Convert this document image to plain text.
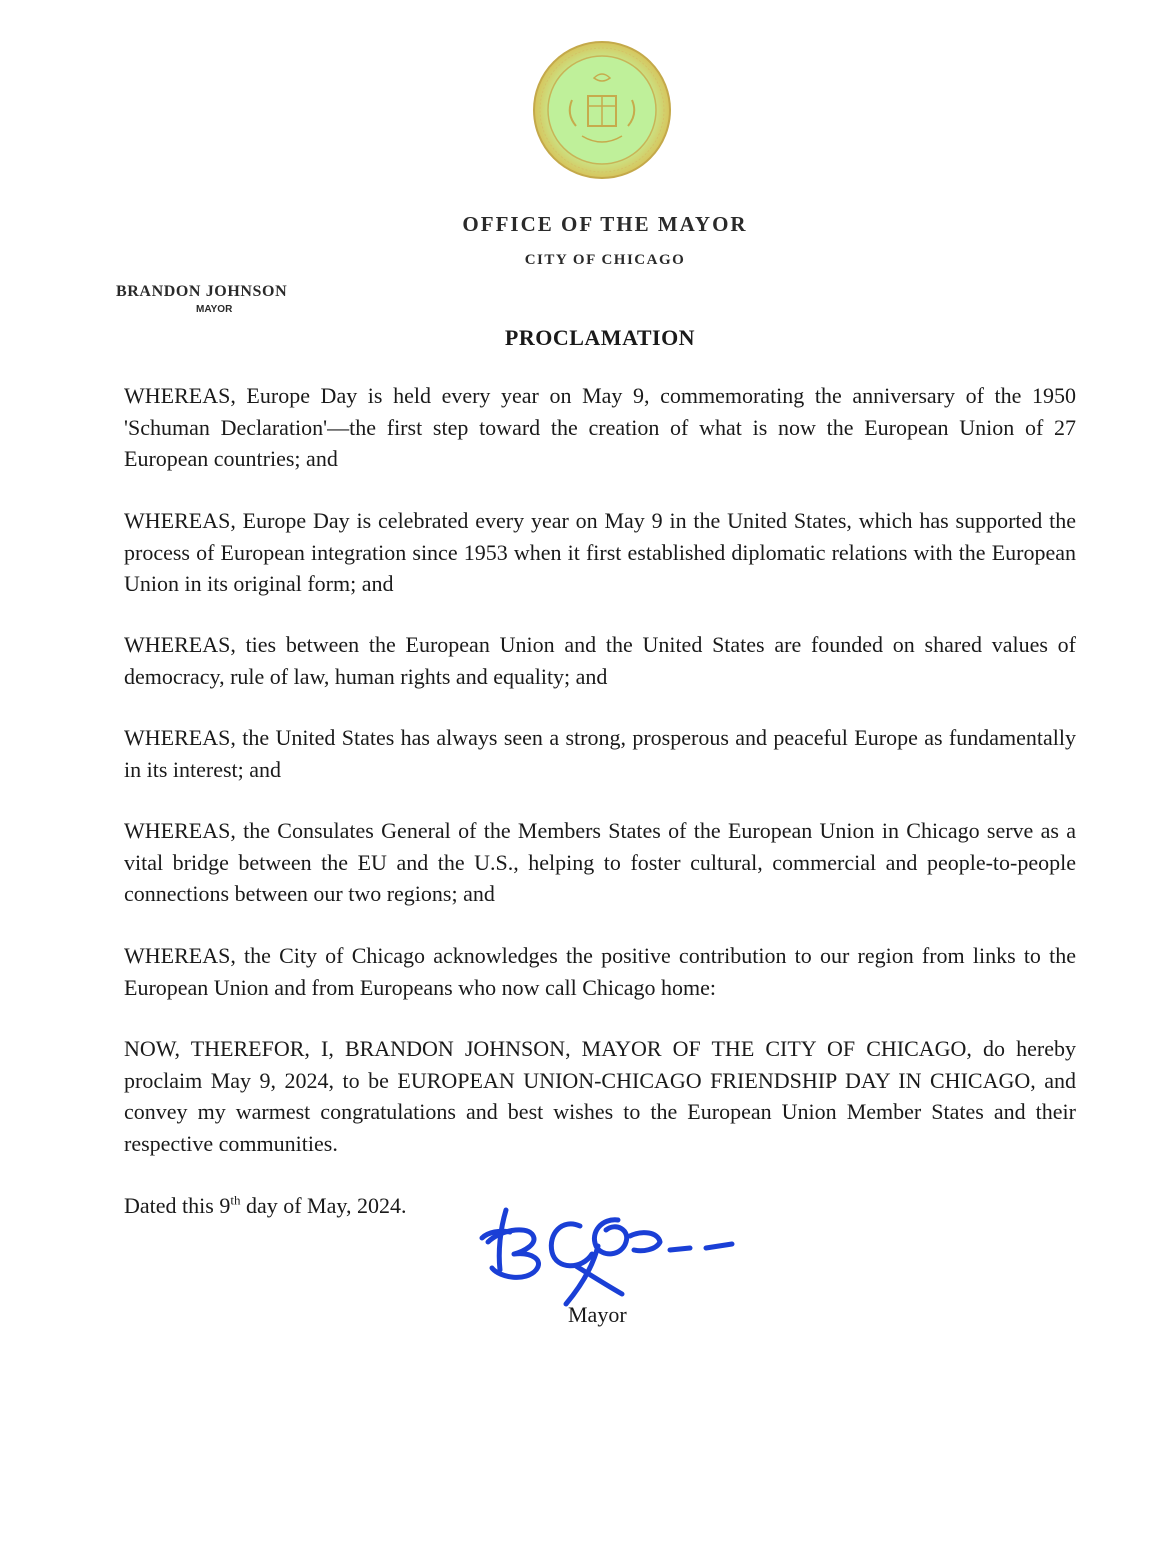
OFFICE OF THE MAYOR
CITY OF CHICAGO
BRANDON JOHNSON
MAYOR
PROCLAMATION

WHEREAS, Europe Day is held every year on May 9, commemorating the anniversary of the 1950 'Schuman Declaration'—the first step toward the creation of what is now the European Union of 27 European countries; and

WHEREAS, Europe Day is celebrated every year on May 9 in the United States, which has supported the process of European integration since 1953 when it first established diplomatic relations with the European Union in its original form; and

WHEREAS, ties between the European Union and the United States are founded on shared values of democracy, rule of law, human rights and equality; and

WHEREAS, the United States has always seen a strong, prosperous and peaceful Europe as fundamentally in its interest; and

WHEREAS, the Consulates General of the Members States of the European Union in Chicago serve as a vital bridge between the EU and the U.S., helping to foster cultural, commercial and people-to-people connections between our two regions; and

WHEREAS, the City of Chicago acknowledges the positive contribution to our region from links to the European Union and from Europeans who now call Chicago home:

NOW, THEREFOR, I, BRANDON JOHNSON, MAYOR OF THE CITY OF CHICAGO, do hereby proclaim May 9, 2024, to be EUROPEAN UNION-CHICAGO FRIENDSHIP DAY IN CHICAGO, and convey my warmest congratulations and best wishes to the European Union Member States and their respective communities.

Dated this 9th day of May, 2024.
Mayor
